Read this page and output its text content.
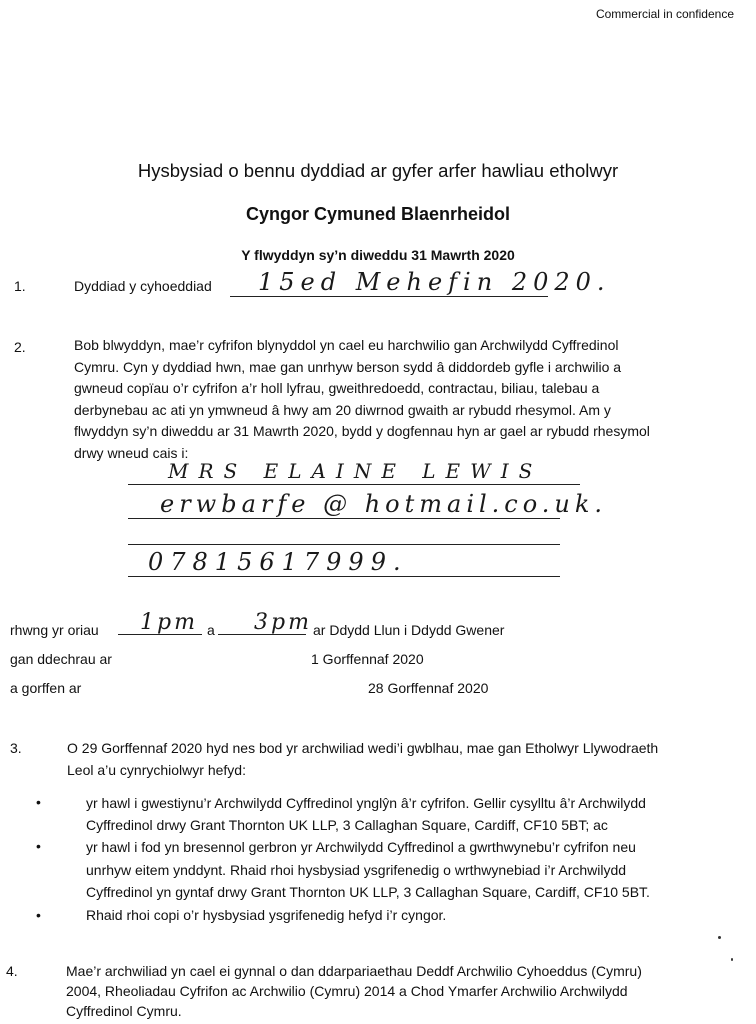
Commercial in confidence
Hysbysiad o bennu dyddiad ar gyfer arfer hawliau etholwyr
Cyngor Cymuned Blaenrheidol
Y flwyddyn sy’n diweddu 31 Mawrth 2020
1.	Dyddiad y cyhoeddiad 15ed Mehefin 2020.
2.	Bob blwyddyn, mae’r cyfrifon blynyddol yn cael eu harchwilio gan Archwilydd Cyffredinol
Cymru. Cyn y dyddiad hwn, mae gan unrhyw berson sydd â diddordeb gyfle i archwilio a
gwneud copïau o’r cyfrifon a’r holl lyfrau, gweithredoedd, contractau, biliau, talebau a
derbynebau ac ati yn ymwneud â hwy am 20 diwrnod gwaith ar rybudd rhesymol. Am y
flwyddyn sy’n diweddu ar 31 Mawrth 2020, bydd y dogfennau hyn ar gael ar rybudd rhesymol
drwy wneud cais i:
MRS ELAINE LEWIS
erwbarfe @ hotmail.co.uk.
07815617999.
rhwng yr oriau 1pm a 3pm ar Ddydd Llun i Ddydd Gwener
gan ddechrau ar	1 Gorffennaf 2020
a gorffen ar	28 Gorffennaf 2020
3.	O 29 Gorffennaf 2020 hyd nes bod yr archwiliad wedi’i gwblhau, mae gan Etholwyr Llywodraeth
Leol a’u cynrychiolwyr hefyd:
•	yr hawl i gwestiynu’r Archwilydd Cyffredinol ynglŷn â’r cyfrifon. Gellir cysylltu â’r Archwilydd
Cyffredinol drwy Grant Thornton UK LLP, 3 Callaghan Square, Cardiff, CF10 5BT; ac
•	yr hawl i fod yn bresennol gerbron yr Archwilydd Cyffredinol a gwrthwynebu’r cyfrifon neu
unrhyw eitem ynddynt. Rhaid rhoi hysbysiad ysgrifenedig o wrthwynebiad i’r Archwilydd
Cyffredinol yn gyntaf drwy Grant Thornton UK LLP, 3 Callaghan Square, Cardiff, CF10 5BT.
•	Rhaid rhoi copi o’r hysbysiad ysgrifenedig hefyd i’r cyngor.
4.	Mae’r archwiliad yn cael ei gynnal o dan ddarpariaethau Deddf Archwilio Cyhoeddus (Cymru)
2004, Rheoliadau Cyfrifon ac Archwilio (Cymru) 2014 a Chod Ymarfer Archwilio Archwilydd
Cyffredinol Cymru.
